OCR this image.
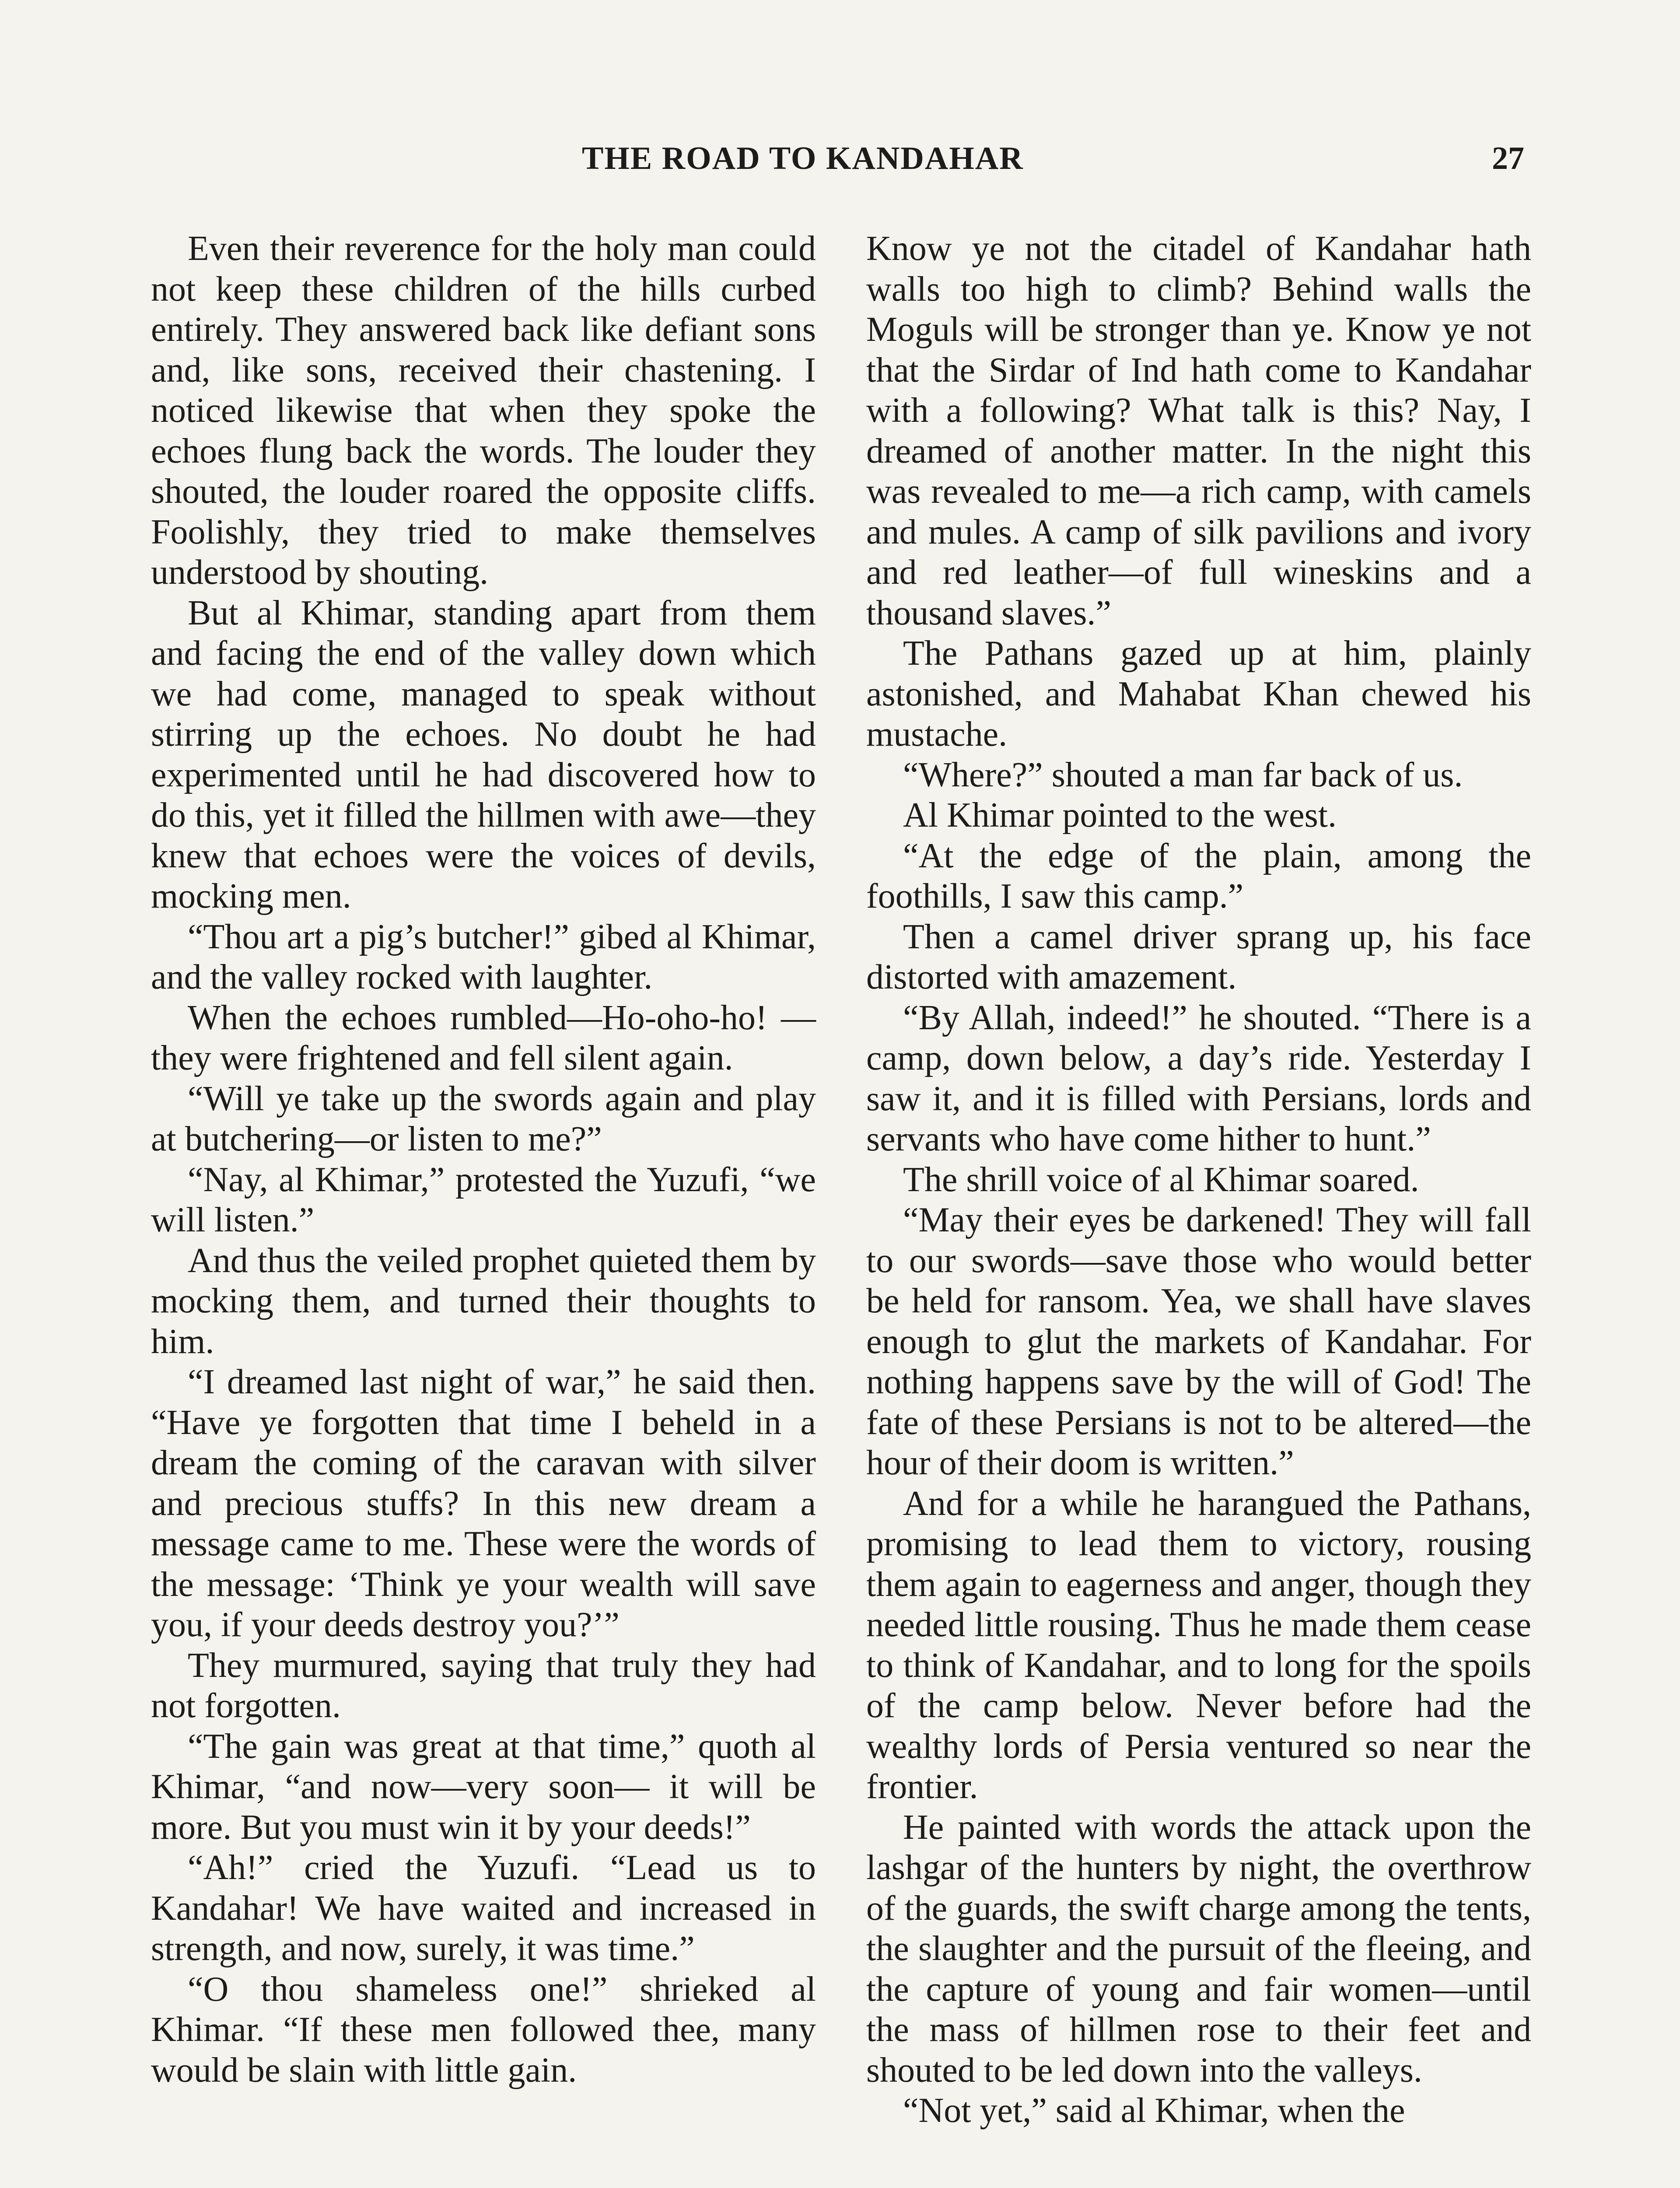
THE ROAD TO KANDAHAR	27

Even their reverence for the holy man could not keep these children of the hills curbed entirely. They answered back like defiant sons and, like sons, received their chastening. I noticed likewise that when they spoke the echoes flung back the words. The louder they shouted, the louder roared the opposite cliffs. Foolishly, they tried to make themselves understood by shouting.

But al Khimar, standing apart from them and facing the end of the valley down which we had come, managed to speak without stirring up the echoes. No doubt he had experimented until he had discovered how to do this, yet it filled the hillmen with awe—they knew that echoes were the voices of devils, mocking men.

“Thou art a pig’s butcher!” gibed al Khimar, and the valley rocked with laughter.

When the echoes rumbled—Ho-oho-ho! —they were frightened and fell silent again.

“Will ye take up the swords again and play at butchering—or listen to me?”

“Nay, al Khimar,” protested the Yuzufi, “we will listen.”

And thus the veiled prophet quieted them by mocking them, and turned their thoughts to him.

“I dreamed last night of war,” he said then. “Have ye forgotten that time I beheld in a dream the coming of the caravan with silver and precious stuffs? In this new dream a message came to me. These were the words of the message: ‘Think ye your wealth will save you, if your deeds destroy you?’”

They murmured, saying that truly they had not forgotten.

“The gain was great at that time,” quoth al Khimar, “and now—very soon— it will be more. But you must win it by your deeds!”

“Ah!” cried the Yuzufi. “Lead us to Kandahar! We have waited and increased in strength, and now, surely, it was time.”

“O thou shameless one!” shrieked al Khimar. “If these men followed thee, many would be slain with little gain.

Know ye not the citadel of Kandahar hath walls too high to climb? Behind walls the Moguls will be stronger than ye. Know ye not that the Sirdar of Ind hath come to Kandahar with a following? What talk is this? Nay, I dreamed of another matter. In the night this was revealed to me—a rich camp, with camels and mules. A camp of silk pavilions and ivory and red leather—of full wineskins and a thousand slaves.”

The Pathans gazed up at him, plainly astonished, and Mahabat Khan chewed his mustache.

“Where?” shouted a man far back of us.

Al Khimar pointed to the west.

“At the edge of the plain, among the foothills, I saw this camp.”

Then a camel driver sprang up, his face distorted with amazement.

“By Allah, indeed!” he shouted. “There is a camp, down below, a day’s ride. Yesterday I saw it, and it is filled with Persians, lords and servants who have come hither to hunt.”

The shrill voice of al Khimar soared.

“May their eyes be darkened! They will fall to our swords—save those who would better be held for ransom. Yea, we shall have slaves enough to glut the markets of Kandahar. For nothing happens save by the will of God! The fate of these Persians is not to be altered—the hour of their doom is written.”

And for a while he harangued the Pathans, promising to lead them to victory, rousing them again to eagerness and anger, though they needed little rousing. Thus he made them cease to think of Kandahar, and to long for the spoils of the camp below. Never before had the wealthy lords of Persia ventured so near the frontier.

He painted with words the attack upon the lashgar of the hunters by night, the overthrow of the guards, the swift charge among the tents, the slaughter and the pursuit of the fleeing, and the capture of young and fair women—until the mass of hillmen rose to their feet and shouted to be led down into the valleys.

“Not yet,” said al Khimar, when the
